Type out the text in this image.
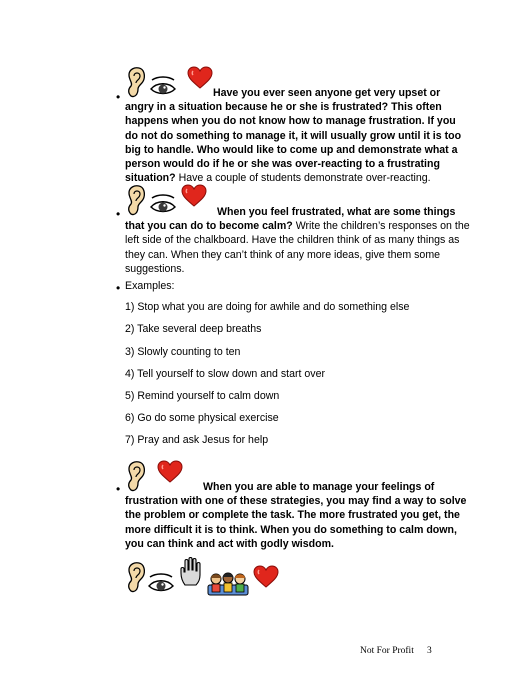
•	Have you ever seen anyone get very upset or angry in a situation because he or she is frustrated? This often happens when you do not know how to manage frustration. If you do not do something to manage it, it will usually grow until it is too big to handle. Who would like to come up and demonstrate what a person would do if he or she was over-reacting to a frustrating situation? Have a couple of students demonstrate over-reacting.
•	When you feel frustrated, what are some things that you can do to become calm? Write the children’s responses on the left side of the chalkboard. Have the children think of as many things as they can. When they can’t think of any more ideas, give them some suggestions.
• Examples:
1) Stop what you are doing for awhile and do something else
2) Take several deep breaths
3) Slowly counting to ten
4) Tell yourself to slow down and start over
5) Remind yourself to calm down
6) Go do some physical exercise
7) Pray and ask Jesus for help
•	When you are able to manage your feelings of frustration with one of these strategies, you may find a way to solve the problem or complete the task. The more frustrated you get, the more difficult it is to think. When you do something to calm down, you can think and act with godly wisdom.
Not For Profit 3
